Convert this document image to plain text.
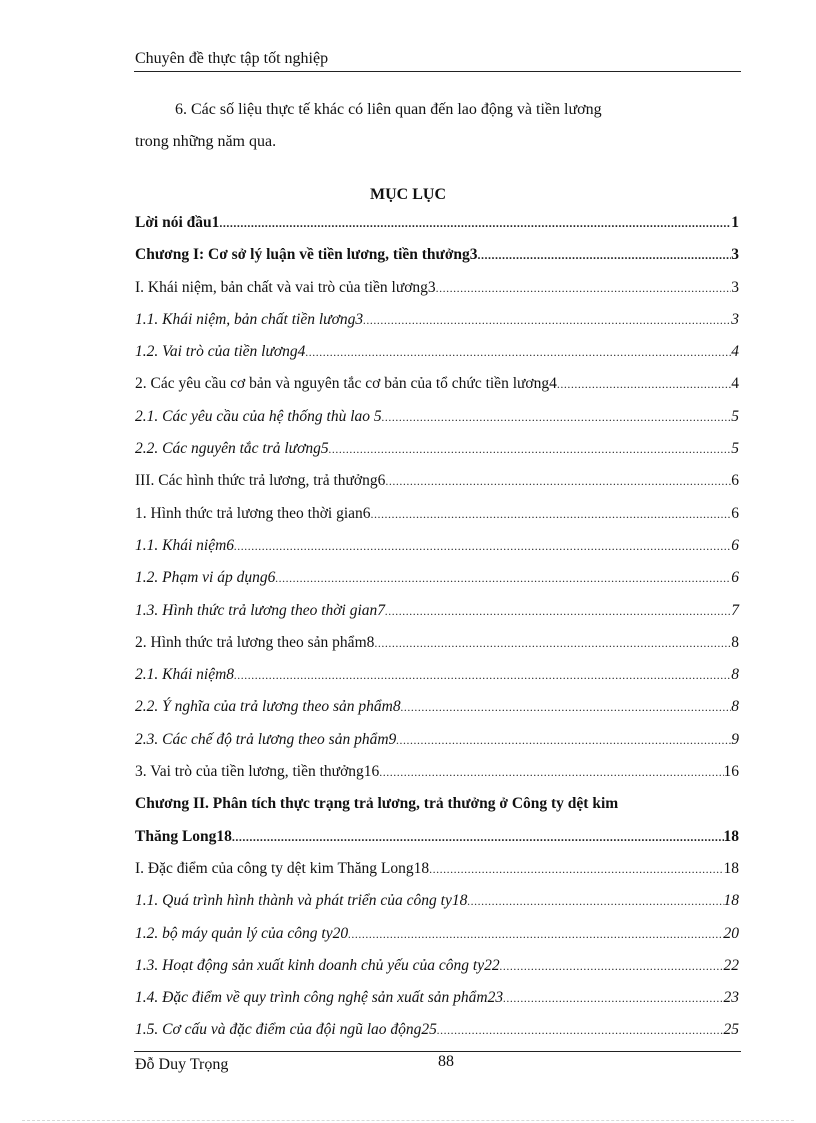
Chuyên đề thực tập tốt nghiệp
6. Các số liệu thực tế khác có liên quan đến lao động và tiền lương
trong những năm qua.
MỤC LỤC
Lời nói đầu1 .....	1
Chương I: Cơ sở lý luận về tiền lương, tiền thưởng3 .....	3
I. Khái niệm, bản chất và vai trò của tiền lương3 .....	3
1.1. Khái niệm, bản chất tiền lương3 .....	3
1.2. Vai trò của tiền lương4 .....	4
2. Các yêu cầu cơ bản và nguyên tắc cơ bản của tổ chức tiền lương4 .....	4
2.1. Các yêu cầu của hệ thống thù lao 5 .....	5
2.2. Các nguyên tắc trả lương5 .....	5
III. Các hình thức trả lương, trả thưởng6 .....	6
1. Hình thức trả lương theo thời gian6 .....	6
1.1. Khái niệm6 .....	6
1.2. Phạm vi áp dụng6 .....	6
1.3. Hình thức trả lương theo thời gian7 .....	7
2. Hình thức trả lương theo sản phẩm8 .....	8
2.1. Khái niệm8 .....	8
2.2. Ý nghĩa của trả lương theo sản phẩm8 .....	8
2.3. Các chế độ trả lương theo sản phẩm9 .....	9
3. Vai trò của tiền lương, tiền thưởng16 .....	16
Chương II. Phân tích thực trạng trả lương, trả thưởng ở Công ty dệt kim
Thăng Long18 .....	18
I. Đặc điểm của công ty dệt kim Thăng Long18 .....	18
1.1. Quá trình hình thành và phát triển của công ty18 .....	18
1.2. bộ máy quản lý của công ty20 .....	20
1.3. Hoạt động sản xuất kinh doanh chủ yếu của công ty22 .....	22
1.4. Đặc điểm về quy trình công nghệ sản xuất sản phẩm23 .....	23
1.5. Cơ cấu và đặc điểm của đội ngũ lao động25 .....	25
Đỗ Duy Trọng	88
